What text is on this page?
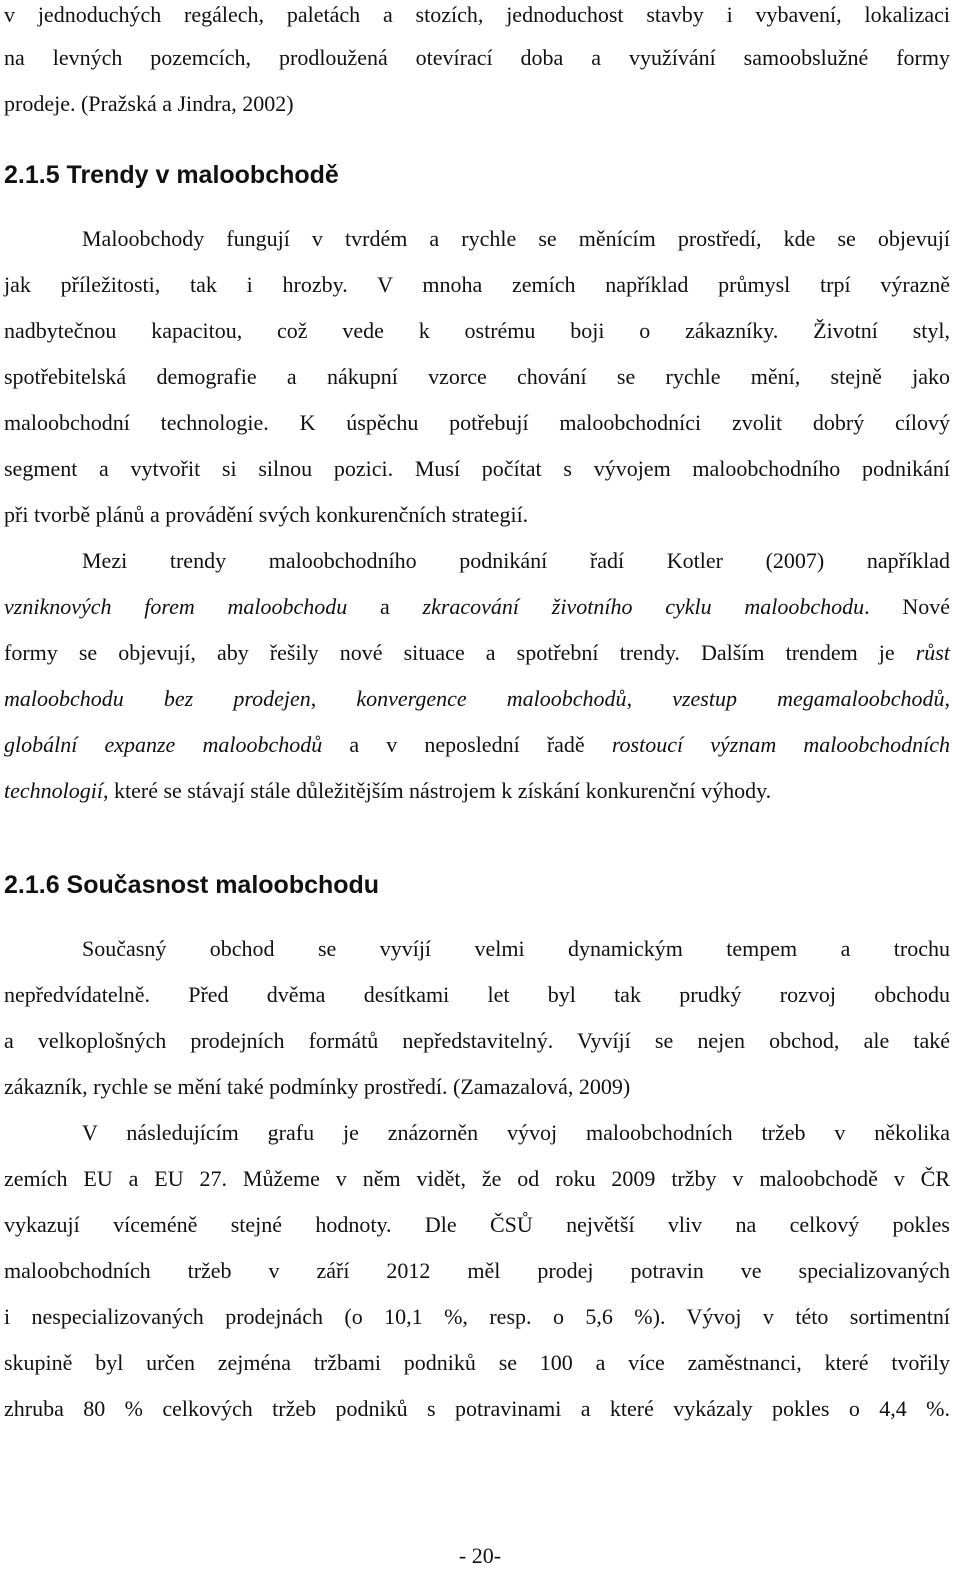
v jednoduchých regálech, paletách a stozích, jednoduchost stavby i vybavení, lokalizaci
na levných pozemcích, prodloužená otevírací doba a využívání samoobslužné formy
prodeje. (Pražská a Jindra, 2002)
2.1.5 Trendy v maloobchodě
Maloobchody fungují v tvrdém a rychle se měnícím prostředí, kde se objevují
jak příležitosti, tak i hrozby. V mnoha zemích například průmysl trpí výrazně
nadbytečnou kapacitou, což vede k ostrému boji o zákazníky. Životní styl,
spotřebitelská demografie a nákupní vzorce chování se rychle mění, stejně jako
maloobchodní technologie. K úspěchu potřebují maloobchodníci zvolit dobrý cílový
segment a vytvořit si silnou pozici. Musí počítat s vývojem maloobchodního podnikání
při tvorbě plánů a provádění svých konkurenčních strategií.
Mezi trendy maloobchodního podnikání řadí Kotler (2007) například
vzniknových forem maloobchodu a zkracování životního cyklu maloobchodu. Nové
formy se objevují, aby řešily nové situace a spotřební trendy. Dalším trendem je růst
maloobchodu bez prodejen, konvergence maloobchodů, vzestup megamaloobchodů,
globální expanze maloobchodů a v neposlední řadě rostoucí význam maloobchodních
technologií, které se stávají stále důležitějším nástrojem k získání konkurenční výhody.
2.1.6 Současnost maloobchodu
Současný obchod se vyvíjí velmi dynamickým tempem a trochu
nepředvídatelně. Před dvěma desítkami let byl tak prudký rozvoj obchodu
a velkoplošných prodejních formátů nepředstavitelný. Vyvíjí se nejen obchod, ale také
zákazník, rychle se mění také podmínky prostředí. (Zamazalová, 2009)
V následujícím grafu je znázorněn vývoj maloobchodních tržeb v několika
zemích EU a EU 27. Můžeme v něm vidět, že od roku 2009 tržby v maloobchodě v ČR
vykazují víceméně stejné hodnoty. Dle ČSŮ největší vliv na celkový pokles
maloobchodních tržeb v září 2012 měl prodej potravin ve specializovaných
i nespecializovaných prodejnách (o 10,1 %, resp. o 5,6 %). Vývoj v této sortimentní
skupině byl určen zejména tržbami podniků se 100 a více zaměstnanci, které tvořily
zhruba 80 % celkových tržeb podniků s potravinami a které vykázaly pokles o 4,4 %.
- 20-
